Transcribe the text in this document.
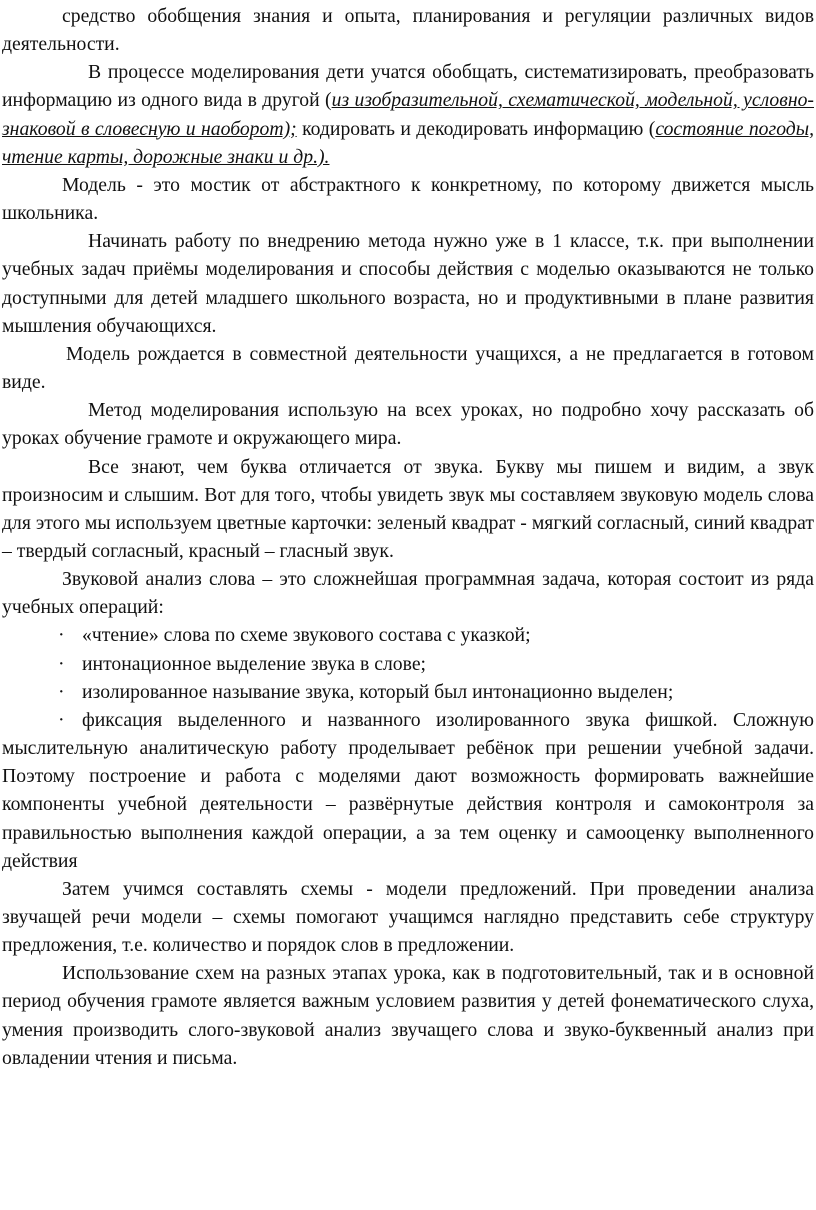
средство обобщения знания и опыта, планирования и регуляции различных видов деятельности.

В процессе моделирования дети учатся обобщать, систематизировать, преобразовать информацию из одного вида в другой (из изобразительной, схематической, модельной, условно-знаковой в словесную и наоборот); кодировать и декодировать информацию (состояние погоды, чтение карты, дорожные знаки и др.).

Модель - это мостик от абстрактного к конкретному, по которому движется мысль школьника.

Начинать работу по внедрению метода нужно уже в 1 классе, т.к. при выполнении учебных задач приёмы моделирования и способы действия с моделью оказываются не только доступными для детей младшего школьного возраста, но и продуктивными в плане развития мышления обучающихся.

Модель рождается в совместной деятельности учащихся, а не предлагается в готовом виде.

Метод моделирования использую на всех уроках, но подробно хочу рассказать об уроках обучение грамоте и окружающего мира.

Все знают, чем буква отличается от звука. Букву мы пишем и видим, а звук произносим и слышим. Вот для того, чтобы увидеть звук мы составляем звуковую модель слова для этого мы используем цветные карточки: зеленый квадрат - мягкий согласный, синий квадрат – твердый согласный, красный – гласный звук.

Звуковой анализ слова – это сложнейшая программная задача, которая состоит из ряда учебных операций:

· «чтение» слова по схеме звукового состава с указкой;

· интонационное выделение звука в слове;

· изолированное называние звука, который был интонационно выделен;

· фиксация выделенного и названного изолированного звука фишкой. Сложную мыслительную аналитическую работу проделывает ребёнок при решении учебной задачи. Поэтому построение и работа с моделями дают возможность формировать важнейшие компоненты учебной деятельности – развёрнутые действия контроля и самоконтроля за правильностью выполнения каждой операции, а за тем оценку и самооценку выполненного действия

Затем учимся составлять схемы - модели предложений. При проведении анализа звучащей речи модели – схемы помогают учащимся наглядно представить себе структуру предложения, т.е. количество и порядок слов в предложении.

Использование схем на разных этапах урока, как в подготовительный, так и в основной период обучения грамоте является важным условием развития у детей фонематического слуха, умения производить слого-звуковой анализ звучащего слова и звуко-буквенный анализ при овладении чтения и письма.
